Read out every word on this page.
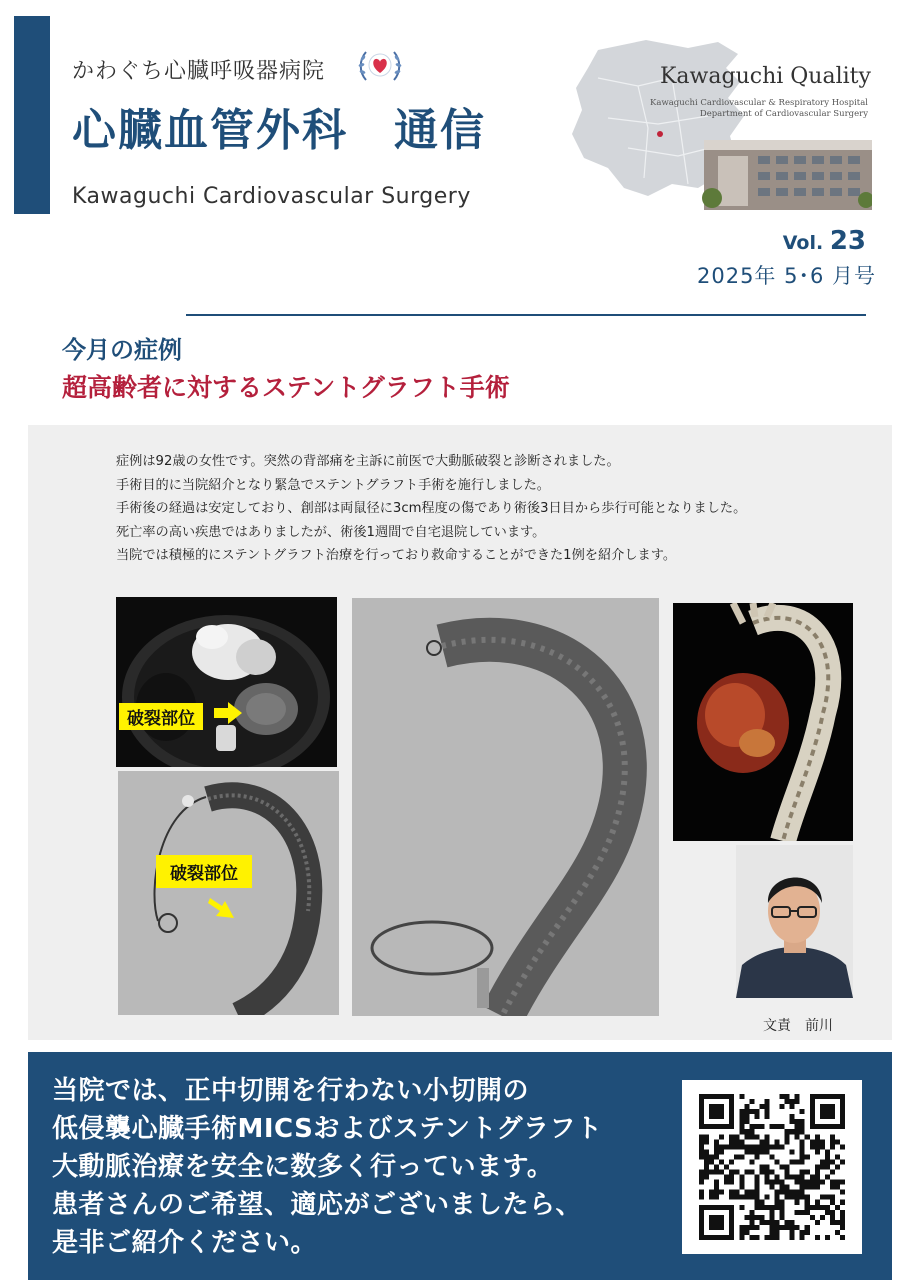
かわぐち心臓呼吸器病院
心臓血管外科　通信
Kawaguchi Cardiovascular Surgery
Kawaguchi Quality
Kawaguchi Cardiovascular & Respiratory Hospital
Department of Cardiovascular Surgery
Vol. 23
2025年 5･6 月号
今月の症例
超高齢者に対するステントグラフト手術
症例は92歳の女性です。突然の背部痛を主訴に前医で大動脈破裂と診断されました。
手術目的に当院紹介となり緊急でステントグラフト手術を施行しました。
手術後の経過は安定しており、創部は両鼠径に3cm程度の傷であり術後3日目から歩行可能となりました。
死亡率の高い疾患ではありましたが、術後1週間で自宅退院しています。
当院では積極的にステントグラフト治療を行っており救命することができた1例を紹介します。
破裂部位
破裂部位
文責　前川
当院では、正中切開を行わない小切開の
低侵襲心臓手術MICSおよびステントグラフト
大動脈治療を安全に数多く行っています。
患者さんのご希望、適応がございましたら、
是非ご紹介ください。
